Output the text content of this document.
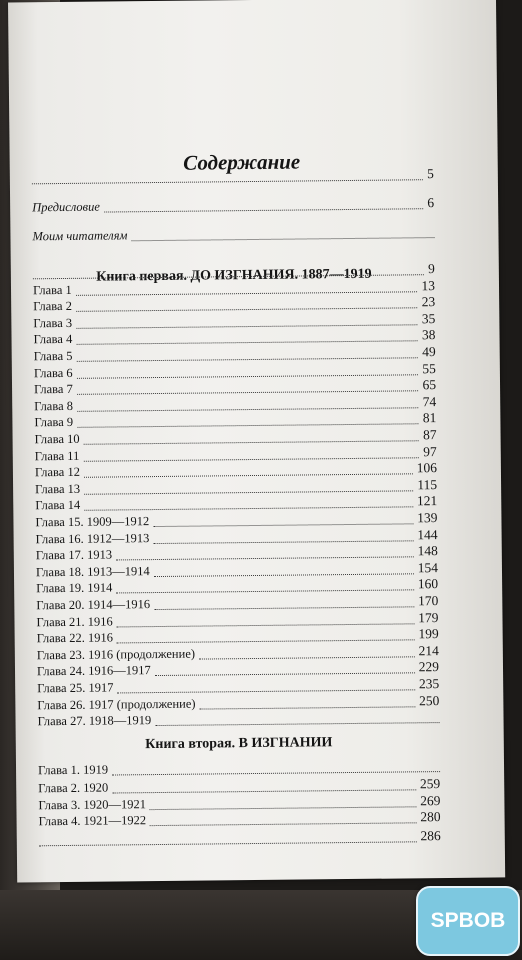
Содержание	5
Предисловие	6
Моим читателям
Книга первая. ДО ИЗГНАНИЯ. 1887—1919	9
Глава 1	13
Глава 2	23
Глава 3	35
Глава 4	38
Глава 5	49
Глава 6	55
Глава 7	65
Глава 8	74
Глава 9	81
Глава 10	87
Глава 11	97
Глава 12	106
Глава 13	115
Глава 14	121
Глава 15. 1909—1912	139
Глава 16. 1912—1913	144
Глава 17. 1913	148
Глава 18. 1913—1914	154
Глава 19. 1914	160
Глава 20. 1914—1916	170
Глава 21. 1916	179
Глава 22. 1916	199
Глава 23. 1916 (продолжение)	214
Глава 24. 1916—1917	229
Глава 25. 1917	235
Глава 26. 1917 (продолжение)	250
Глава 27. 1918—1919
Книга вторая. В ИЗГНАНИИ
Глава 1. 1919
Глава 2. 1920	259
Глава 3. 1920—1921	269
Глава 4. 1921—1922	280
286
SPBOB
